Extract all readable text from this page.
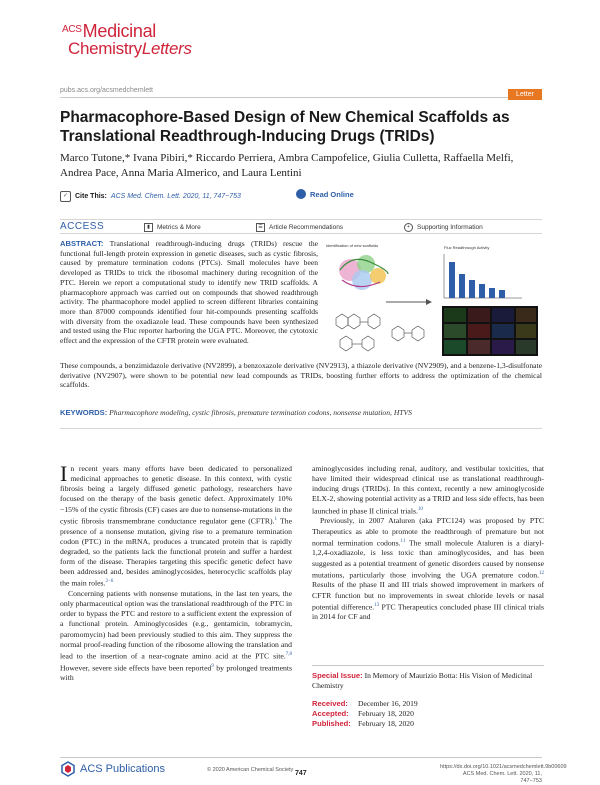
$^{ACS}$Medicinal
ChemistryLetters
pubs.acs.org/acsmedchemlett
Letter
Pharmacophore-Based Design of New Chemical Scaffolds as Translational Readthrough-Inducing Drugs (TRIDs)
Marco Tutone,* Ivana Pibiri,* Riccardo Perriera, Ambra Campofelice, Giulia Culletta, Raffaella Melfi,
Andrea Pace, Anna Maria Almerico, and Laura Lentini
✓ Cite This: ACS Med. Chem. Lett. 2020, 11, 747−753	Read Online
ACCESS	▮	Metrics & More	☰ Article Recommendations	+	Supporting Information
ABSTRACT: Translational readthrough-inducing drugs (TRIDs) rescue the functional full-length protein expression in genetic diseases, such as cystic fibrosis, caused by premature termination codons (PTCs). Small molecules have been developed as TRIDs to trick the ribosomal machinery during recognition of the PTC. Herein we report a computational study to identify new TRID scaffolds. A pharmacophore approach was carried out on compounds that showed readthrough activity. The pharmacophore model applied to screen different libraries containing more than 87000 compounds identified four hit-compounds presenting scaffolds with diversity from the oxadiazole lead. These compounds have been synthesized and tested using the Fluc reporter harboring the UGA PTC. Moreover, the cytotoxic effect and the expression of the CFTR protein were evaluated.
Identification of new scaffolds	Fluc Readthrough Activity
These compounds, a benzimidazole derivative (NV2899), a benzoxazole derivative (NV2913), a thiazole derivative (NV2909), and a benzene-1,3-disulfonate derivative (NV2907), were shown to be potential new lead compounds as TRIDs, boosting further efforts to address the optimization of the chemical scaffolds.
KEYWORDS: Pharmacophore modeling, cystic fibrosis, premature termination codons, nonsense mutation, HTVS

In recent years many efforts have been dedicated to personalized medicinal approaches to genetic disease. In this context, with cystic fibrosis being a largely diffused genetic pathology, researchers have focused on the therapy of the basis genetic defect. Approximately 10%−15% of the cystic fibrosis (CF) cases are due to nonsense-mutations in the cystic fibrosis transmembrane conductance regulator gene (CFTR).$^1$ The presence of a nonsense mutation, giving rise to a premature termination codon (PTC) in the mRNA, produces a truncated protein that is rapidly degraded, so the patients lack the functional protein and suffer a hardest form of the disease. Therapies targeting this specific genetic defect have been addressed and, besides aminoglycosides, heterocyclic scaffolds play the main roles.$^{2-6}$

Concerning patients with nonsense mutations, in the last ten years, the only pharmaceutical option was the translational readthrough of the PTC in order to bypass the PTC and restore to a sufficient extent the expression of a functional protein. Aminoglycosides (e.g., gentamicin, tobramycin, paromomycin) had been previously studied to this aim. They suppress the normal proof-reading function of the ribosome allowing the translation and lead to the insertion of a near-cognate amino acid at the PTC site.$^{7,8}$ However, severe side effects have been reported$^9$ by prolonged treatments with

aminoglycosides including renal, auditory, and vestibular toxicities, that have limited their widespread clinical use as translational readthrough-inducing drugs (TRIDs). In this context, recently a new aminoglycoside ELX-2, showing potential activity as a TRID and less side effects, has been launched in phase II clinical trials.$^{10}$

Previously, in 2007 Ataluren (aka PTC124) was proposed by PTC Therapeutics as able to promote the readthrough of premature but not normal termination codons.$^{11}$ The small molecule Ataluren is a diaryl-1,2,4-oxadiazole, is less toxic than aminoglycosides, and has been suggested as a potential treatment of genetic disorders caused by nonsense mutations, particularly those involving the UGA premature codon.$^{12}$ Results of the phase II and III trials showed improvement in markers of CFTR function but no improvements in sweat chloride levels or nasal potential difference.$^{13}$ PTC Therapeutics concluded phase III clinical trials in 2014 for CF and

Special Issue: In Memory of Maurizio Botta: His Vision of Medicinal Chemistry
Received: December 16, 2019
Accepted: February 18, 2020
Published: February 18, 2020
ACS Publications	© 2020 American Chemical Society 747
https://dx.doi.org/10.1021/acsmedchemlett.9b00609
ACS Med. Chem. Lett. 2020, 11, 747−753
